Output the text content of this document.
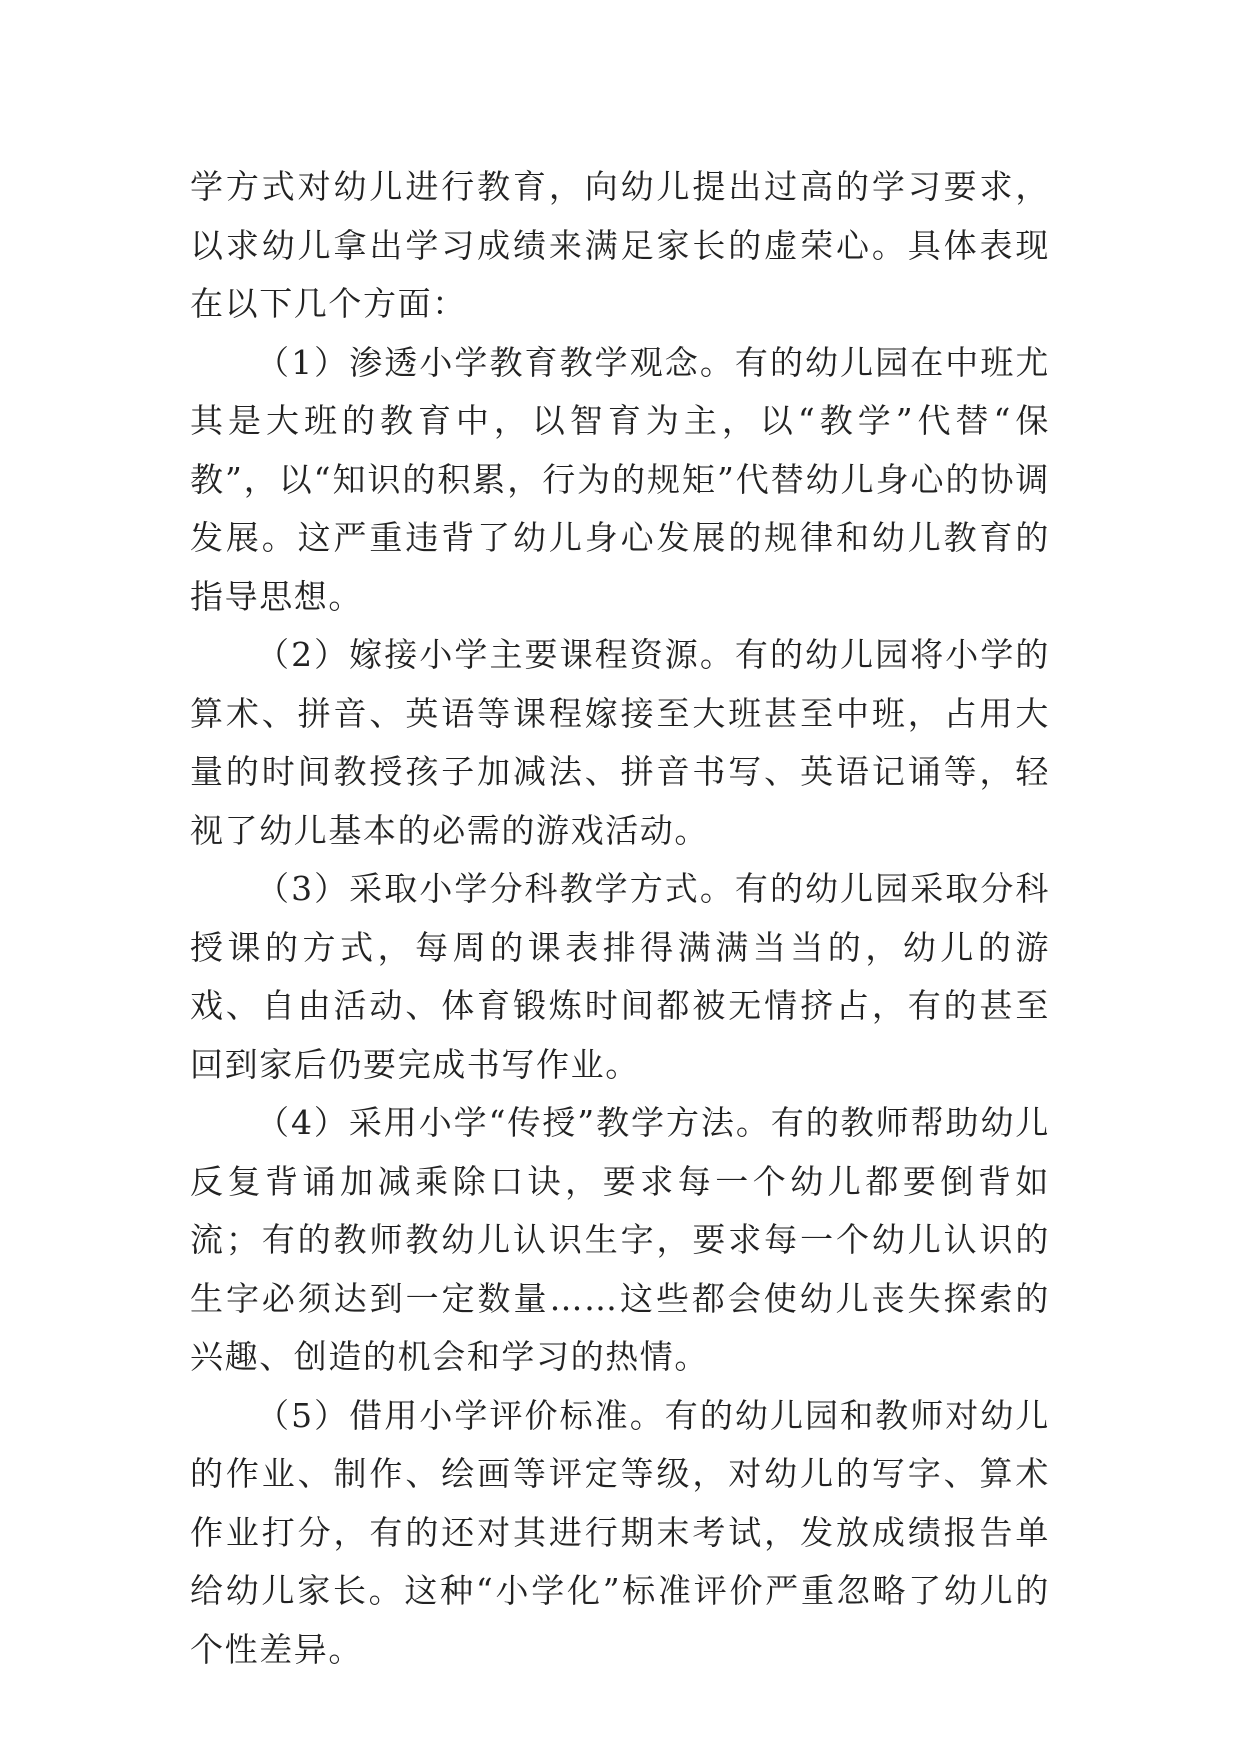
学方式对幼儿进行教育，向幼儿提出过高的学习要求，以求幼儿拿出学习成绩来满足家长的虚荣心。具体表现在以下几个方面：

（1）渗透小学教育教学观念。有的幼儿园在中班尤其是大班的教育中，以智育为主，以“教学”代替“保教”，以“知识的积累，行为的规矩”代替幼儿身心的协调发展。这严重违背了幼儿身心发展的规律和幼儿教育的指导思想。

（2）嫁接小学主要课程资源。有的幼儿园将小学的算术、拼音、英语等课程嫁接至大班甚至中班，占用大量的时间教授孩子加减法、拼音书写、英语记诵等，轻视了幼儿基本的必需的游戏活动。

（3）采取小学分科教学方式。有的幼儿园采取分科授课的方式，每周的课表排得满满当当的，幼儿的游戏、自由活动、体育锻炼时间都被无情挤占，有的甚至回到家后仍要完成书写作业。

（4）采用小学“传授”教学方法。有的教师帮助幼儿反复背诵加减乘除口诀，要求每一个幼儿都要倒背如流；有的教师教幼儿认识生字，要求每一个幼儿认识的生字必须达到一定数量……这些都会使幼儿丧失探索的兴趣、创造的机会和学习的热情。

（5）借用小学评价标准。有的幼儿园和教师对幼儿的作业、制作、绘画等评定等级，对幼儿的写字、算术作业打分，有的还对其进行期末考试，发放成绩报告单给幼儿家长。这种“小学化”标准评价严重忽略了幼儿的个性差异。
